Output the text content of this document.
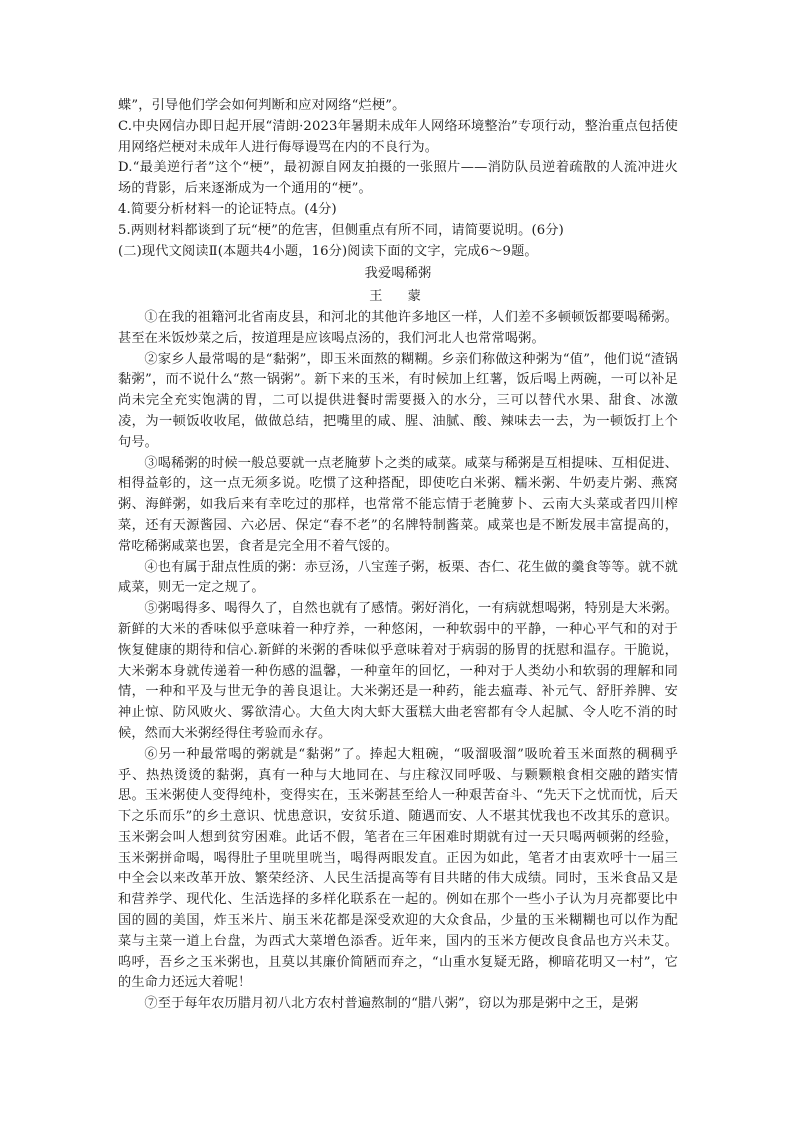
蝶”，引导他们学会如何判断和应对网络“烂梗”。

C.中央网信办即日起开展“清朗·2023年暑期未成年人网络环境整治”专项行动，整治重点包括使用网络烂梗对未成年人进行侮辱谩骂在内的不良行为。

D.“最美逆行者”这个“梗”，最初源自网友拍摄的一张照片——消防队员逆着疏散的人流冲进火场的背影，后来逐渐成为一个通用的“梗”。

4.简要分析材料一的论证特点。(4分)

5.两则材料都谈到了玩“梗”的危害，但侧重点有所不同，请简要说明。(6分)

(二)现代文阅读Ⅱ(本题共4小题，16分)阅读下面的文字，完成6～9题。

我爱喝稀粥

王　蒙

①在我的祖籍河北省南皮县，和河北的其他许多地区一样，人们差不多顿顿饭都要喝稀粥。甚至在米饭炒菜之后，按道理是应该喝点汤的，我们河北人也常常喝粥。

②家乡人最常喝的是“黏粥”，即玉米面熬的糊糊。乡亲们称做这种粥为“值”，他们说“渣锅黏粥”，而不说什么“熬一锅粥”。新下来的玉米，有时候加上红薯，饭后喝上两碗，一可以补足尚未完全充实饱满的胃，二可以提供进餐时需要摄入的水分，三可以替代水果、甜食、冰激凌，为一顿饭收收尾，做做总结，把嘴里的咸、腥、油腻、酸、辣味去一去，为一顿饭打上个句号。

③喝稀粥的时候一般总要就一点老腌萝卜之类的咸菜。咸菜与稀粥是互相提味、互相促进、相得益彰的，这一点无须多说。吃惯了这种搭配，即使吃白米粥、糯米粥、牛奶麦片粥、燕窝粥、海鲜粥，如我后来有幸吃过的那样，也常常不能忘情于老腌萝卜、云南大头菜或者四川榨菜，还有天源酱园、六必居、保定“春不老”的名牌特制酱菜。咸菜也是不断发展丰富提高的，常吃稀粥咸菜也罢，食者是完全用不着气馁的。

④也有属于甜点性质的粥：赤豆汤，八宝莲子粥，板栗、杏仁、花生做的羹食等等。就不就咸菜，则无一定之规了。

⑤粥喝得多、喝得久了，自然也就有了感情。粥好消化，一有病就想喝粥，特别是大米粥。新鲜的大米的香味似乎意味着一种疗养，一种悠闲，一种软弱中的平静，一种心平气和的对于恢复健康的期待和信心.新鲜的米粥的香味似乎意味着对于病弱的肠胃的抚慰和温存。干脆说，大米粥本身就传递着一种伤感的温馨，一种童年的回忆，一种对于人类幼小和软弱的理解和同情，一种和平及与世无争的善良退让。大米粥还是一种药，能去瘟毒、补元气、舒肝养脾、安神止惊、防风败火、雾欲清心。大鱼大肉大虾大蛋糕大曲老窖都有令人起腻、令人吃不消的时候，然而大米粥经得住考验而永存。

⑥另一种最常喝的粥就是“黏粥”了。捧起大粗碗，“吸溜吸溜”吸吮着玉米面熬的稠稠乎乎、热热烫烫的黏粥，真有一种与大地同在、与庄稼汉同呼吸、与颗颗粮食相交融的踏实情思。玉米粥使人变得纯朴，变得实在，玉米粥甚至给人一种艰苦奋斗、“先天下之忧而忧，后天下之乐而乐”的乡土意识、忧患意识，安贫乐道、随遇而安、人不堪其忧我也不改其乐的意识。玉米粥会叫人想到贫穷困难。此话不假，笔者在三年困难时期就有过一天只喝两顿粥的经验，玉米粥拼命喝，喝得肚子里咣里咣当，喝得两眼发直。正因为如此，笔者才由衷欢呼十一届三中全会以来改革开放、繁荣经济、人民生活提高等有目共睹的伟大成绩。同时，玉米食品又是和营养学、现代化、生活选择的多样化联系在一起的。例如在那个一些小子认为月亮都要比中国的圆的美国，炸玉米片、崩玉米花都是深受欢迎的大众食品，少量的玉米糊糊也可以作为配菜与主菜一道上台盘，为西式大菜增色添香。近年来，国内的玉米方便改良食品也方兴未艾。呜呼，吾乡之玉米粥也，且莫以其廉价简陋而弃之，“山重水复疑无路，柳暗花明又一村”，它的生命力还远大着呢！

⑦至于每年农历腊月初八北方农村普遍熬制的“腊八粥”，窃以为那是粥中之王，是粥
